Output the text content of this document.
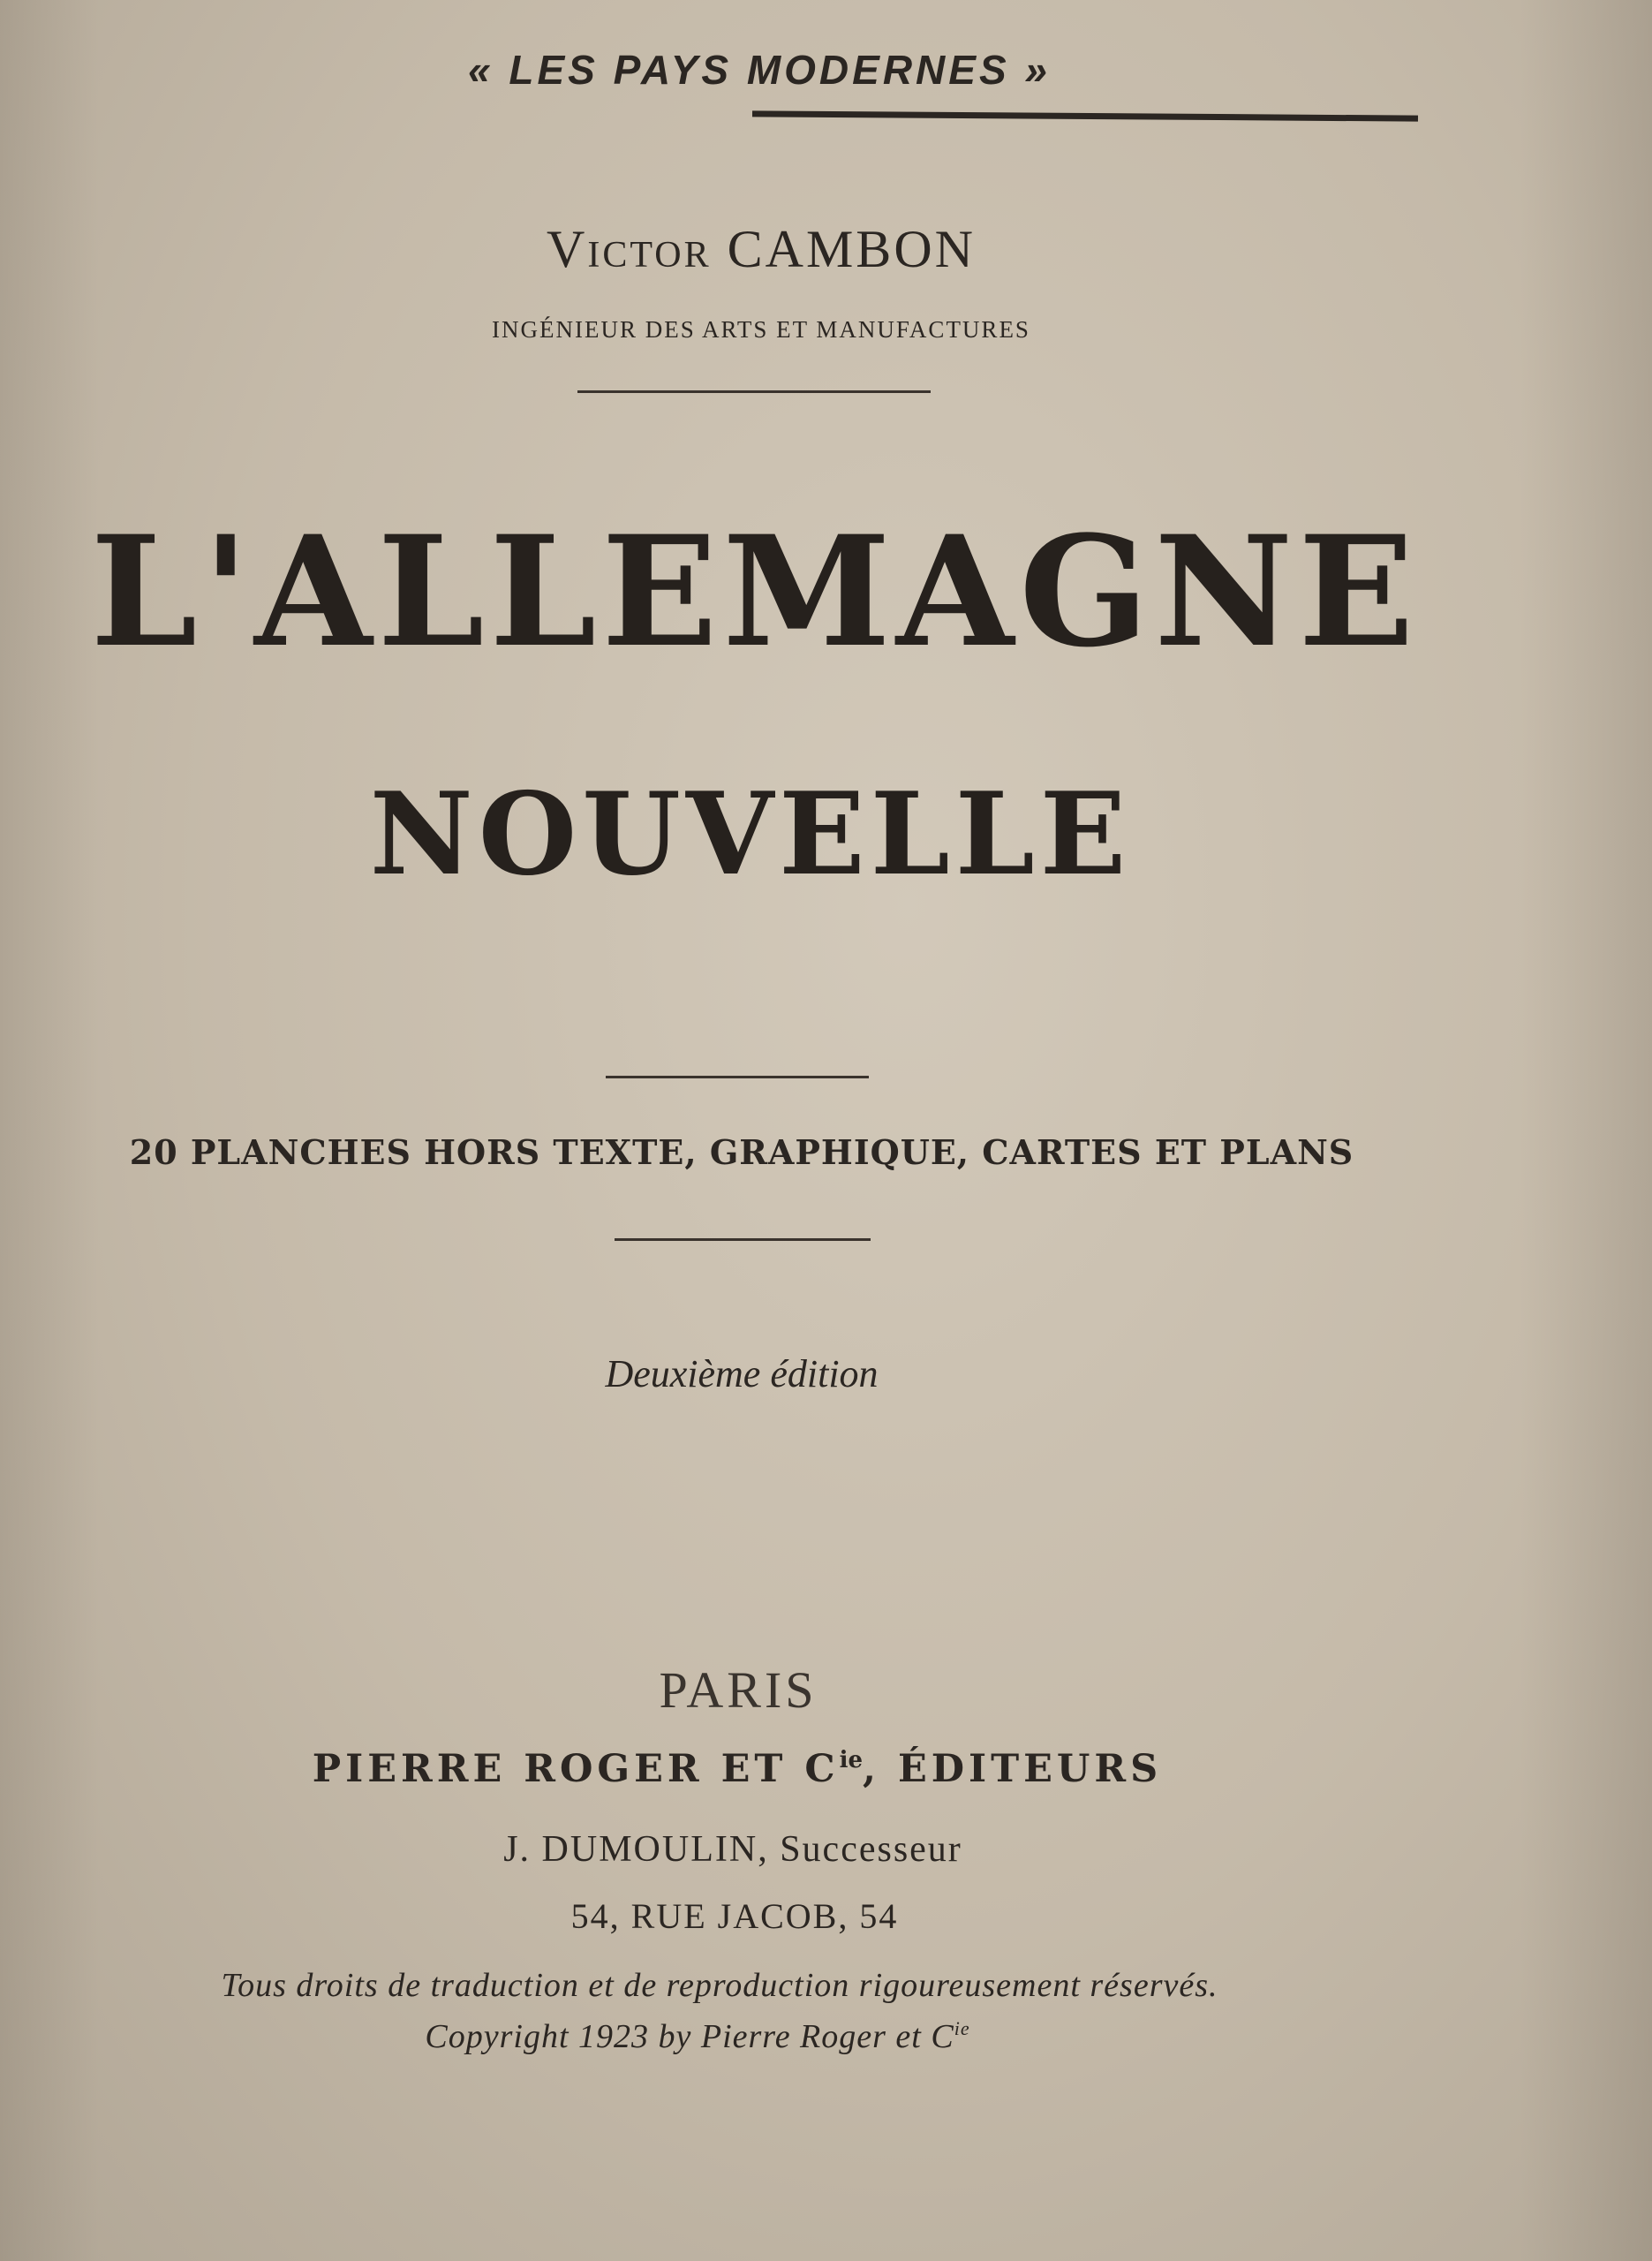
« LES PAYS MODERNES »
Victor CAMBON
INGÉNIEUR DES ARTS ET MANUFACTURES
L'ALLEMAGNE
NOUVELLE
20 PLANCHES HORS TEXTE, GRAPHIQUE, CARTES ET PLANS
Deuxième édition
PARIS
PIERRE ROGER ET $C^{ie}$, ÉDITEURS
J. DUMOULIN, Successeur
54, RUE JACOB, 54
Tous droits de traduction et de reproduction rigoureusement réservés.
Copyright 1923 by Pierre Roger et $C^{ie}$
